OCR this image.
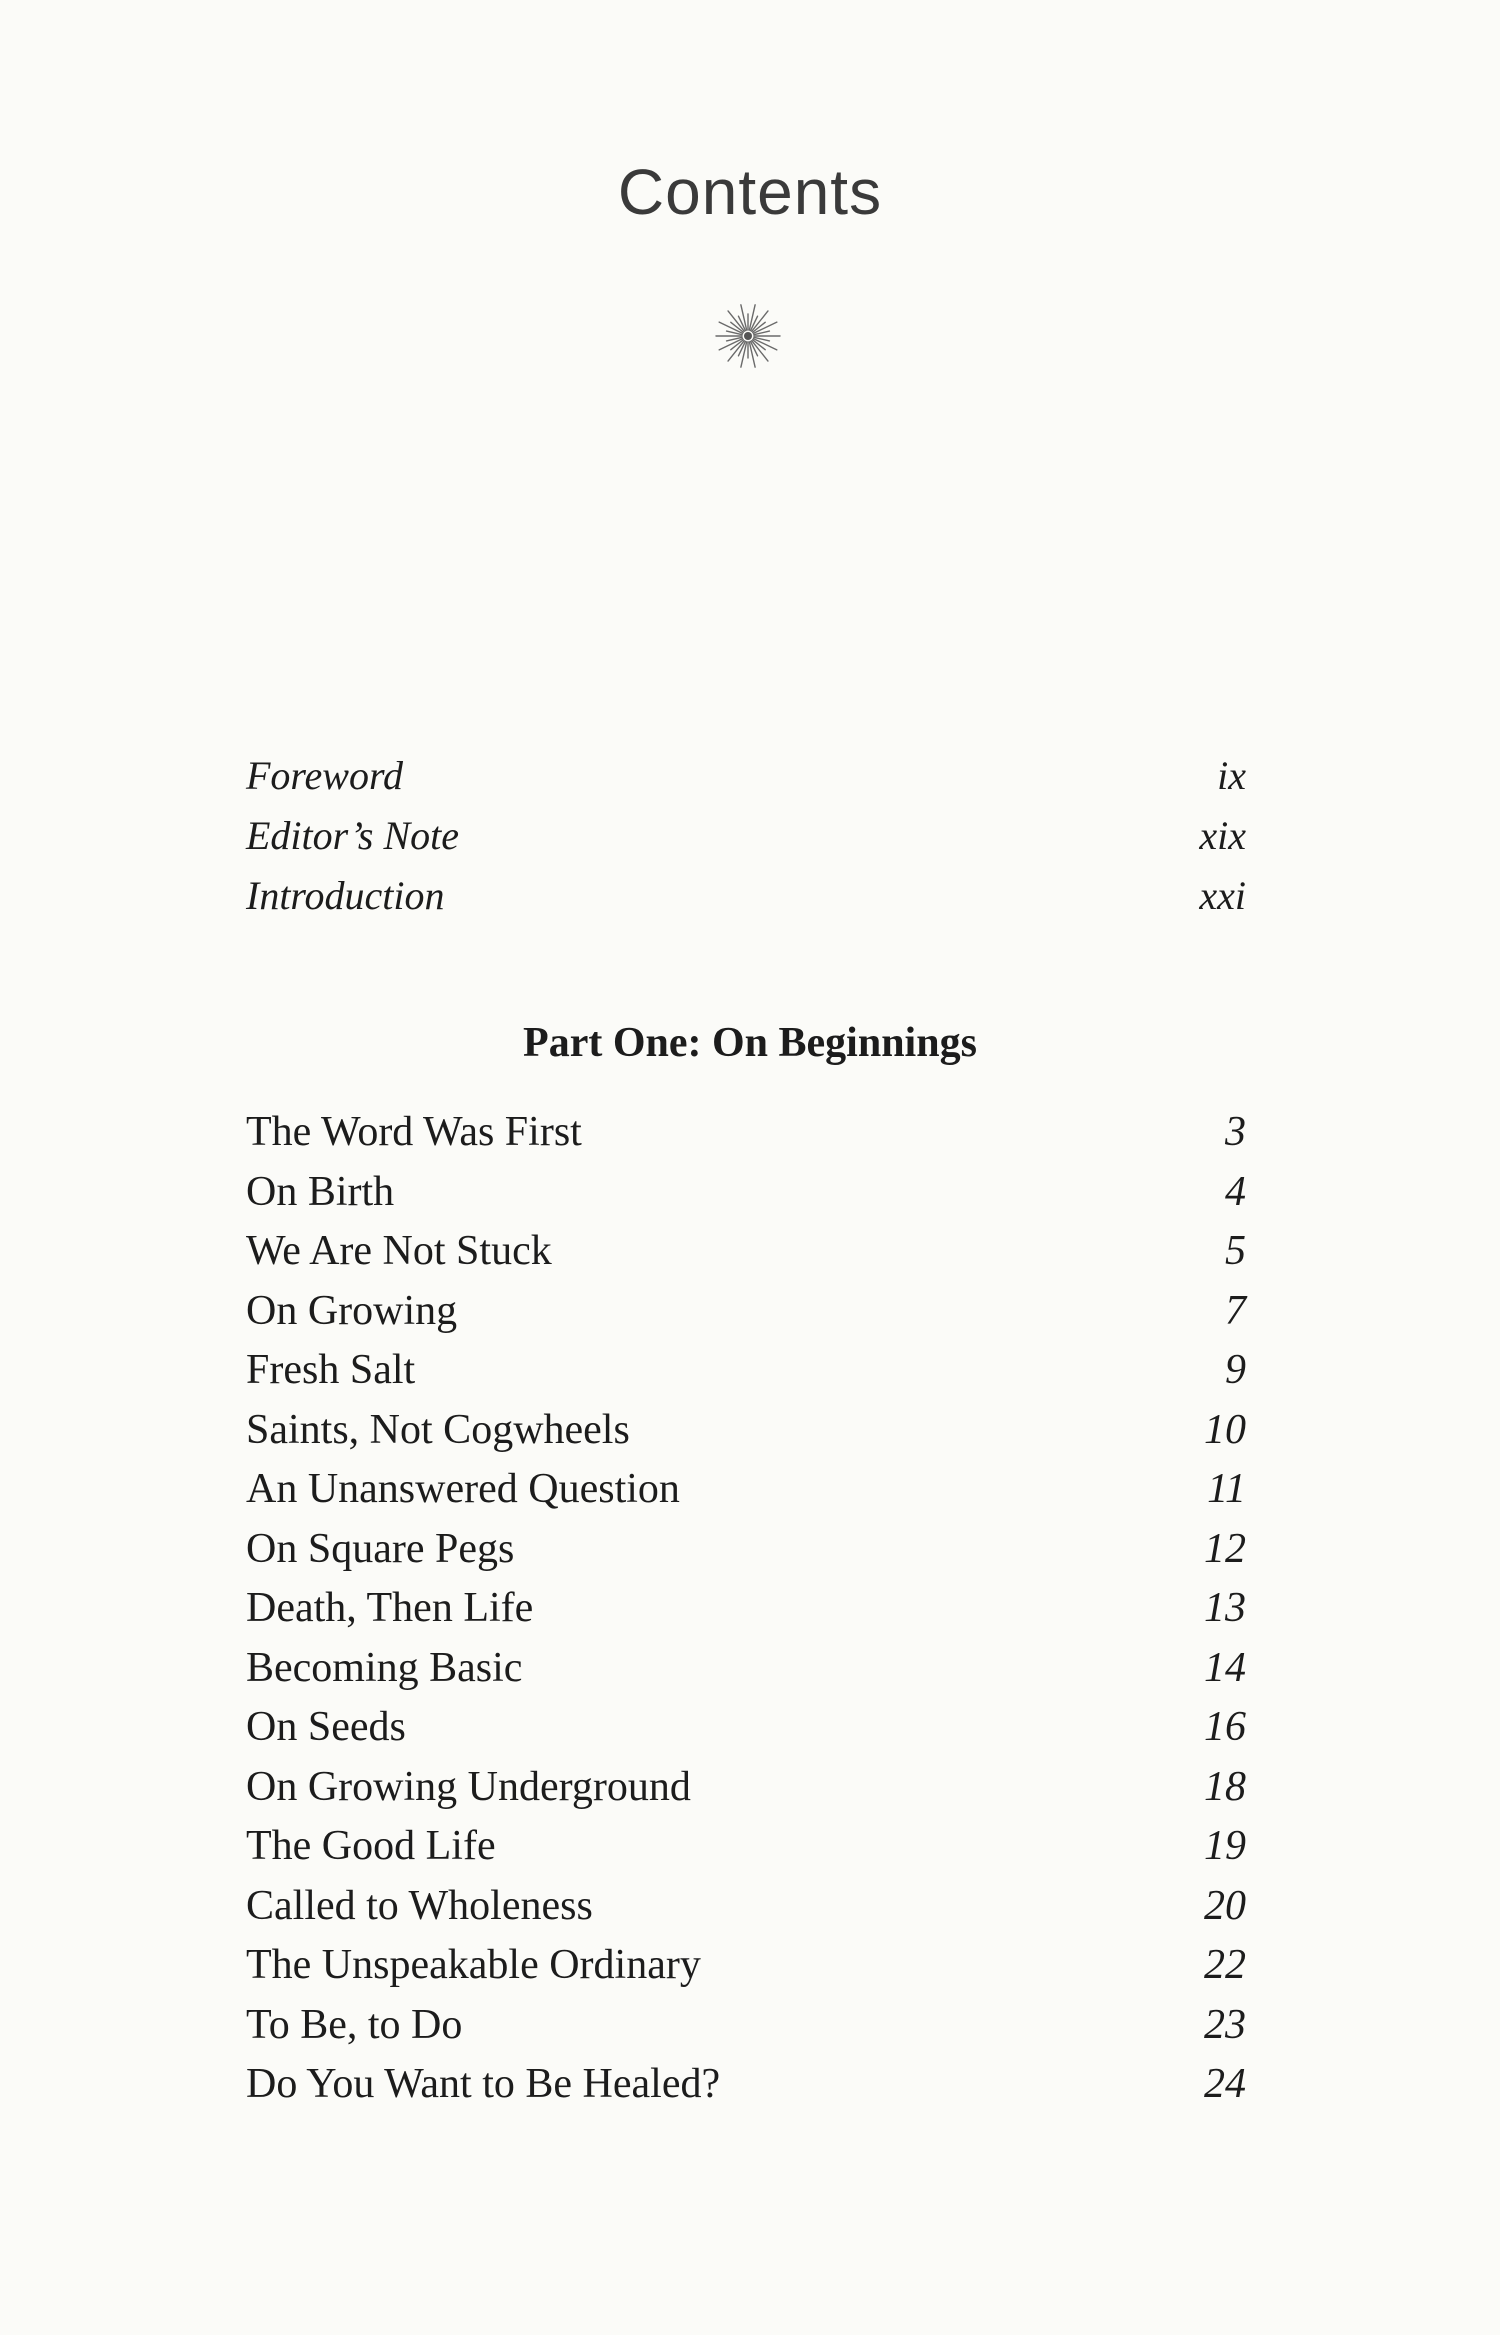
Contents
Foreword	ix
Editor’s Note	xix
Introduction	xxi
Part One: On Beginnings
The Word Was First	3
On Birth	4
We Are Not Stuck	5
On Growing	7
Fresh Salt	9
Saints, Not Cogwheels	10
An Unanswered Question	11
On Square Pegs	12
Death, Then Life	13
Becoming Basic	14
On Seeds	16
On Growing Underground	18
The Good Life	19
Called to Wholeness	20
The Unspeakable Ordinary	22
To Be, to Do	23
Do You Want to Be Healed?	24
